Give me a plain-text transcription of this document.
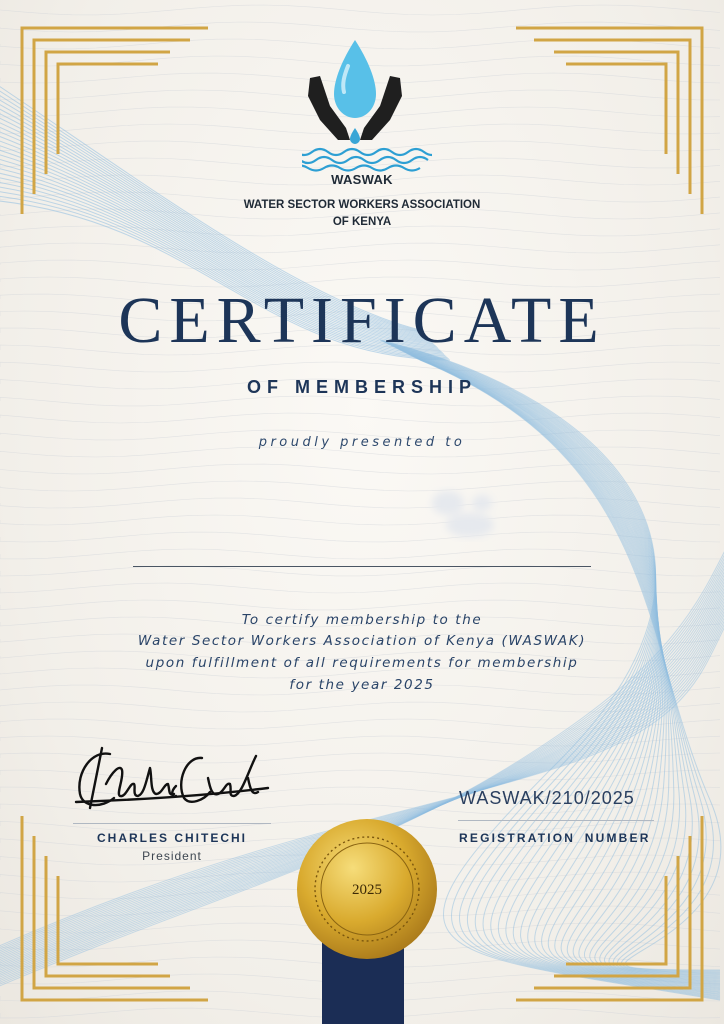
WASWAK
WATER SECTOR WORKERS ASSOCIATION
OF KENYA
CERTIFICATE
OF MEMBERSHIP
proudly presented to
To certify membership to the
Water Sector Workers Association of Kenya (WASWAK)
upon fulfillment of all requirements for membership
for the year 2025
CHARLES CHITECHI
President
WASWAK/210/2025
REGISTRATION NUMBER
2025
